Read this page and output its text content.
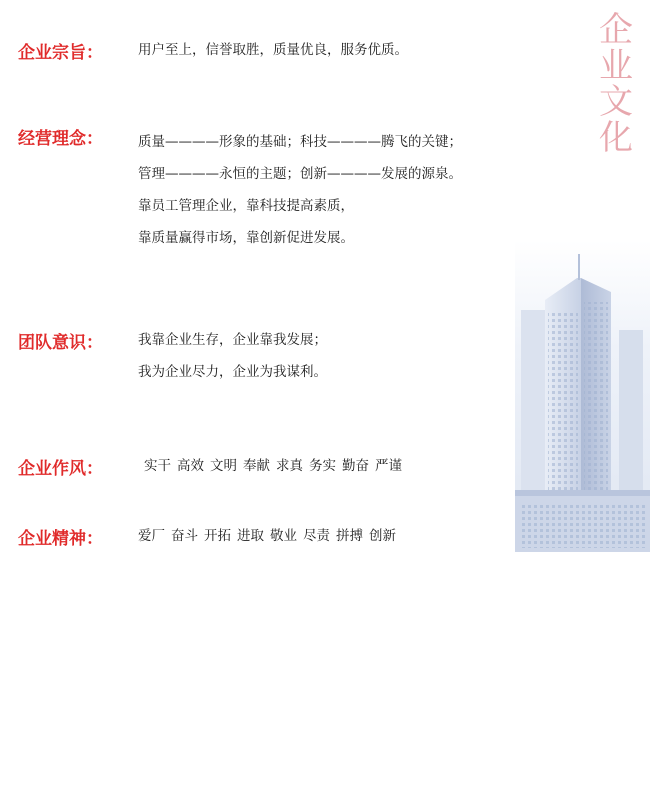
企
业
文
化
企业宗旨：	用户至上，信誉取胜，质量优良，服务优质。
经营理念：	质量————形象的基础；科技————腾飞的关键；
管理————永恒的主题；创新————发展的源泉。
靠员工管理企业，靠科技提高素质，
靠质量赢得市场，靠创新促进发展。
团队意识：	我靠企业生存，企业靠我发展；
我为企业尽力，企业为我谋利。
企业作风：	实干 高效 文明 奉献 求真 务实 勤奋 严谨
企业精神：	爱厂 奋斗 开拓 进取 敬业 尽责 拼搏 创新
